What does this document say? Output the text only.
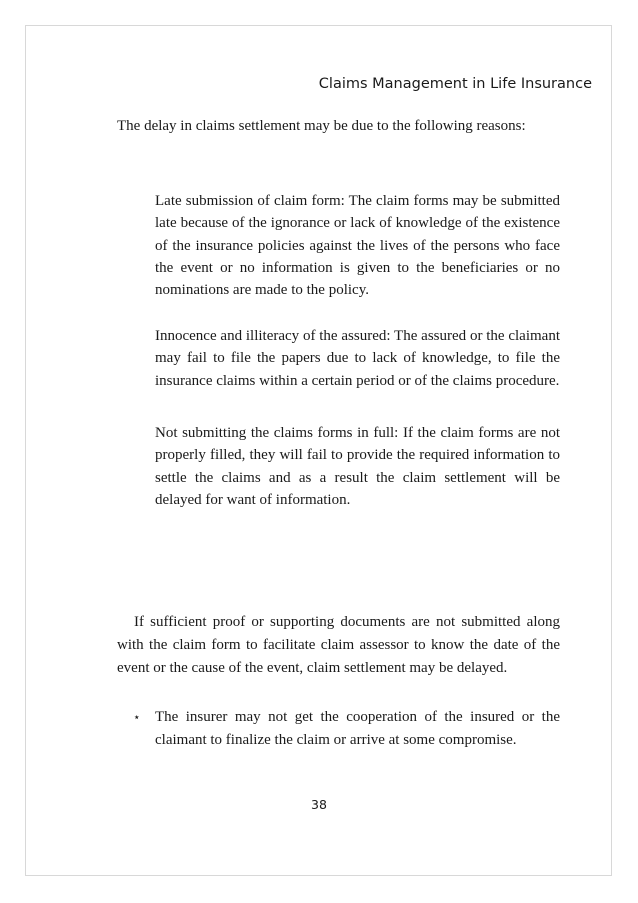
Claims Management in Life Insurance
The delay in claims settlement may be due to the following reasons:
Late submission of claim form: The claim forms may be submitted late because of the ignorance or lack of knowledge of the existence of the insurance policies against the lives of the persons who face the event or no information is given to the beneficiaries or no nominations are made to the policy.
Innocence and illiteracy of the assured: The assured or the claimant may fail to file the papers due to lack of knowledge, to file the insurance claims within a certain period or of the claims procedure.
Not submitting the claims forms in full: If the claim forms are not properly filled, they will fail to provide the required information to settle the claims and as a result the claim settlement will be delayed for want of information.
If sufficient proof or supporting documents are not submitted along with the claim form to facilitate claim assessor to know the date of the event or the cause of the event, claim settlement may be delayed.
⋆ The insurer may not get the cooperation of the insured or the claimant to finalize the claim or arrive at some compromise.
38
